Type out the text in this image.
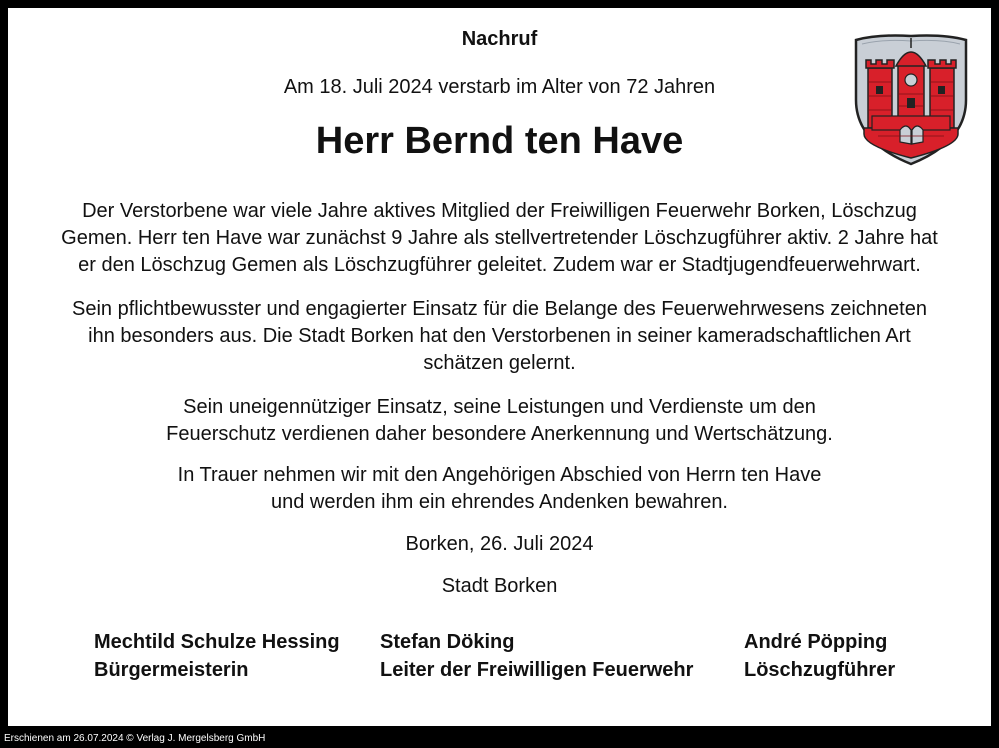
Nachruf
Am 18. Juli 2024 verstarb im Alter von 72 Jahren
Herr Bernd ten Have
Der Verstorbene war viele Jahre aktives Mitglied der Freiwilligen Feuerwehr Borken, Löschzug
Gemen. Herr ten Have war zunächst 9 Jahre als stellvertretender Löschzugführer aktiv. 2 Jahre hat
er den Löschzug Gemen als Löschzugführer geleitet. Zudem war er Stadtjugendfeuerwehrwart.
Sein pflichtbewusster und engagierter Einsatz für die Belange des Feuerwehrwesens zeichneten
ihn besonders aus. Die Stadt Borken hat den Verstorbenen in seiner kameradschaftlichen Art
schätzen gelernt.
Sein uneigennütziger Einsatz, seine Leistungen und Verdienste um den
Feuerschutz verdienen daher besondere Anerkennung und Wertschätzung.
In Trauer nehmen wir mit den Angehörigen Abschied von Herrn ten Have
und werden ihm ein ehrendes Andenken bewahren.
Borken, 26. Juli 2024
Stadt Borken
Mechtild Schulze Hessing
Bürgermeisterin
Stefan Döking
Leiter der Freiwilligen Feuerwehr
André Pöpping
Löschzugführer
Erschienen am 26.07.2024 © Verlag J. Mergelsberg GmbH
